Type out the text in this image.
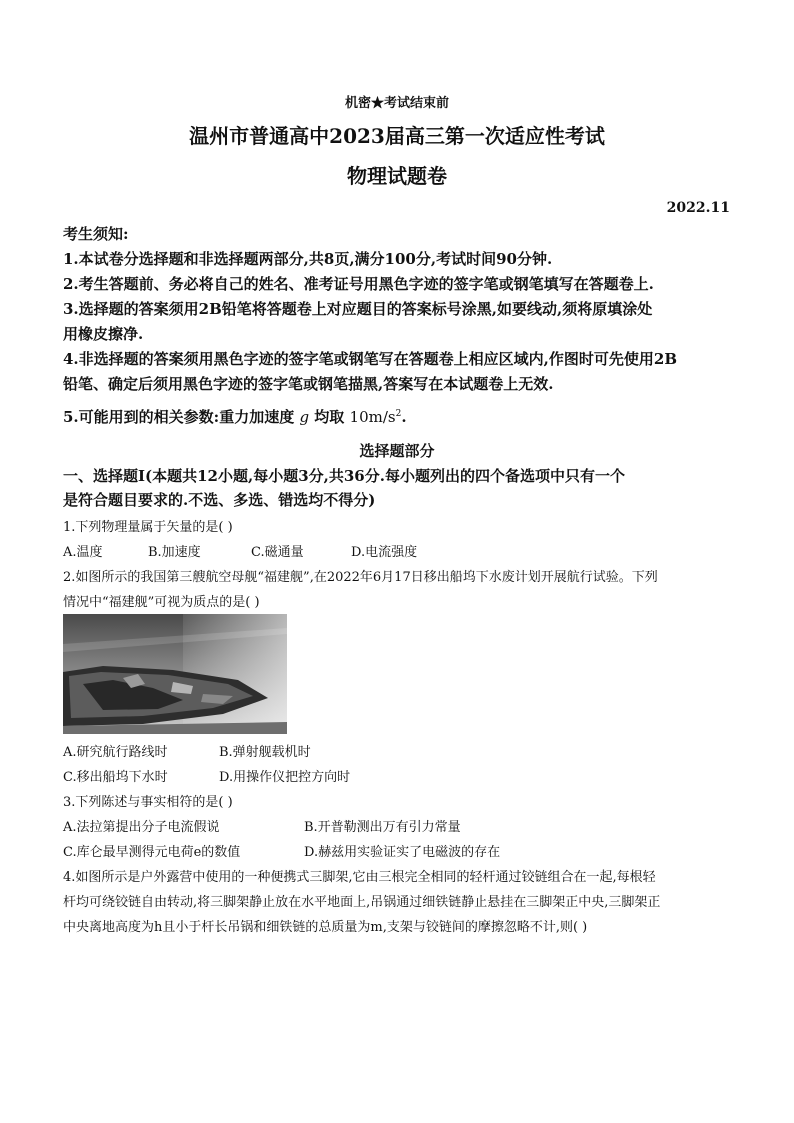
机密★考试结束前
温州市普通高中2023届高三第一次适应性考试
物理试题卷
2022.11
考生须知:
1.本试卷分选择题和非选择题两部分,共8页,满分100分,考试时间90分钟.
2.考生答题前、务必将自己的姓名、准考证号用黑色字迹的签字笔或钢笔填写在答题卷上.
3.选择题的答案须用2B铅笔将答题卷上对应题目的答案标号涂黑,如要线动,须将原填涂处
用橡皮擦净.
4.非选择题的答案须用黑色字迹的签字笔或钢笔写在答题卷上相应区域内,作图时可先使用2B
铅笔、确定后须用黑色字迹的签字笔或钢笔描黑,答案写在本试题卷上无效.
5.可能用到的相关参数:重力加速度 g 均取 $10m/s^2$.
选择题部分
一、选择题Ⅰ(本题共12小题,每小题3分,共36分.每小题列出的四个备选项中只有一个
是符合题目要求的.不选、多选、错选均不得分)
1.下列物理量属于矢量的是( )
A.温度	B.加速度	C.磁通量	D.电流强度
2.如图所示的我国第三艘航空母舰“福建舰”,在2022年6月17日移出船坞下水废计划开展航行试验。下列
情况中“福建舰”可视为质点的是( )
A.研究航行路线时	B.弹射舰载机时
C.移出船坞下水时	D.用操作仪把控方向时
3.下列陈述与事实相符的是( )
A.法拉第提出分子电流假说	B.开普勒测出万有引力常量
C.库仑最早测得元电荷e的数值	D.赫兹用实验证实了电磁波的存在
4.如图所示是户外露营中使用的一种便携式三脚架,它由三根完全相同的轻杆通过铰链组合在一起,每根轻
杆均可绕铰链自由转动,将三脚架静止放在水平地面上,吊锅通过细铁链静止悬挂在三脚架正中央,三脚架正
中央离地高度为h且小于杆长吊锅和细铁链的总质量为m,支架与铰链间的摩擦忽略不计,则( )
